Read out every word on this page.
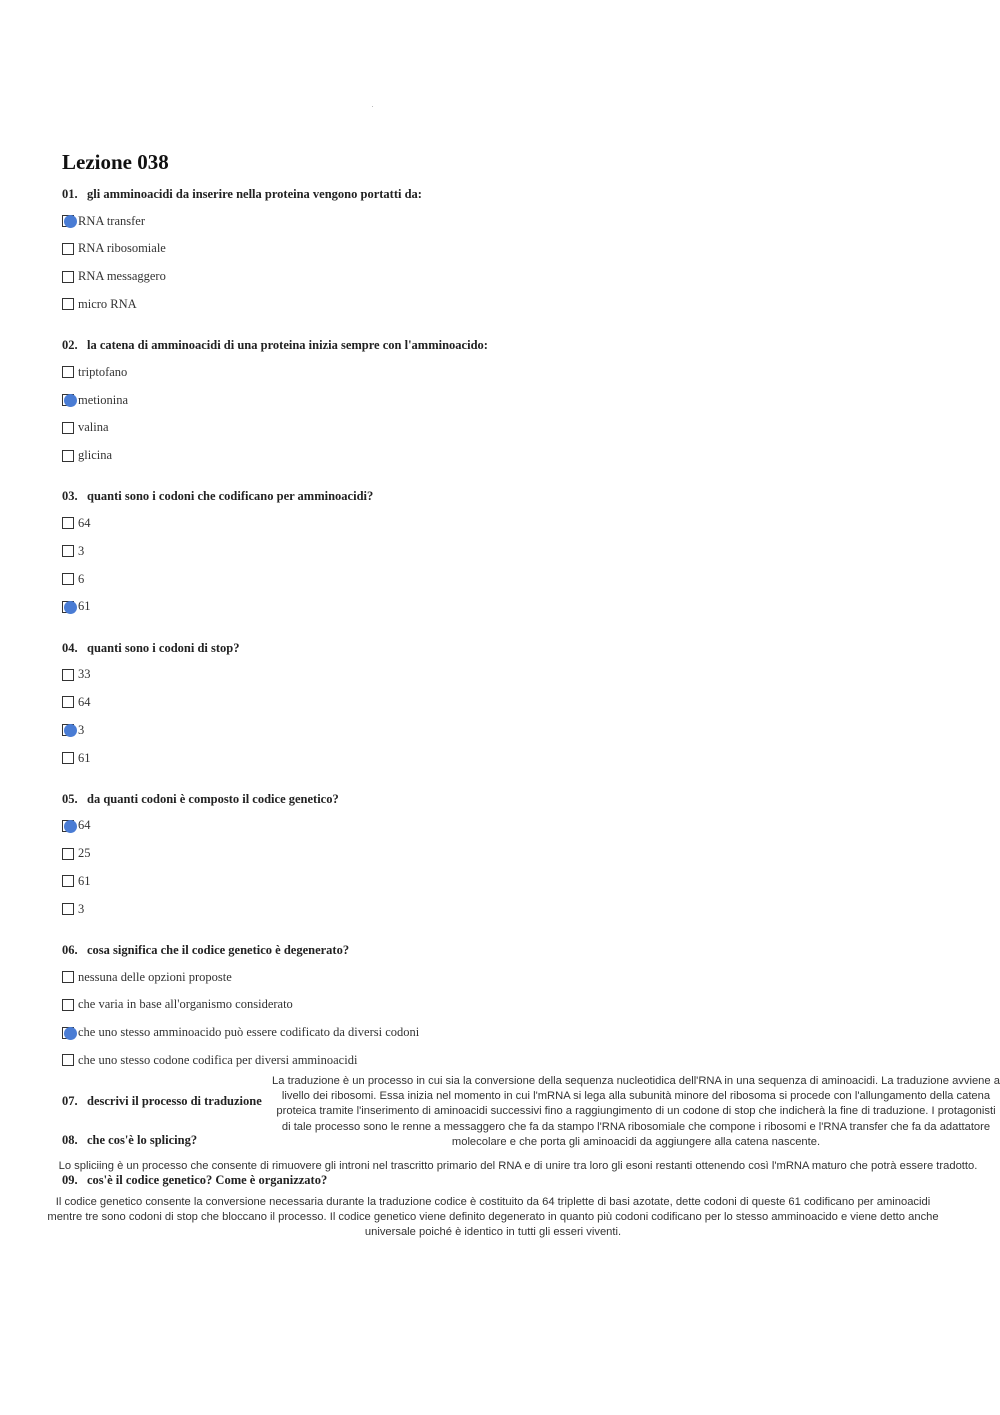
Lezione 038
01. gli amminoacidi da inserire nella proteina vengono portatti da:
RNA transfer
RNA ribosomiale
RNA messaggero
micro RNA
02. la catena di amminoacidi di una proteina inizia sempre con l'amminoacido:
triptofano
metionina
valina
glicina
03. quanti sono i codoni che codificano per amminoacidi?
64
3
6
61
04. quanti sono i codoni di stop?
33
64
3
61
05. da quanti codoni è composto il codice genetico?
64
25
61
3
06. cosa significa che il codice genetico è degenerato?
nessuna delle opzioni proposte
che varia in base all'organismo considerato
che uno stesso amminoacido può essere codificato da diversi codoni
che uno stesso codone codifica per diversi amminoacidi
07. descrivi il processo di traduzione

La traduzione è un processo in cui sia la conversione della sequenza nucleotidica dell'RNA in una sequenza di aminoacidi. La traduzione avviene a livello dei ribosomi. Essa inizia nel momento in cui l'mRNA si lega alla subunità minore del ribosoma si procede con l'allungamento della catena proteica tramite l'inserimento di aminoacidi successivi fino a raggiungimento di un codone di stop che indicherà la fine di traduzione. I protagonisti di tale processo sono le renne a messaggero che fa da stampo l'RNA ribosomiale che compone i ribosomi e l'RNA transfer che fa da adattatore molecolare e che porta gli aminoacidi da aggiungere alla catena nascente.

08. che cos'è lo splicing?

Lo spliciing è un processo che consente di rimuovere gli introni nel trascritto primario del RNA e di unire tra loro gli esoni restanti ottenendo così l'mRNA maturo che potrà essere tradotto.

09. cos'è il codice genetico? Come è organizzato?

Il codice genetico consente la conversione necessaria durante la traduzione codice è costituito da 64 triplette di basi azotate, dette codoni di queste 61 codificano per aminoacidi mentre tre sono codoni di stop che bloccano il processo. Il codice genetico viene definito degenerato in quanto più codoni codificano per lo stesso amminoacido e viene detto anche universale poiché è identico in tutti gli esseri viventi.
